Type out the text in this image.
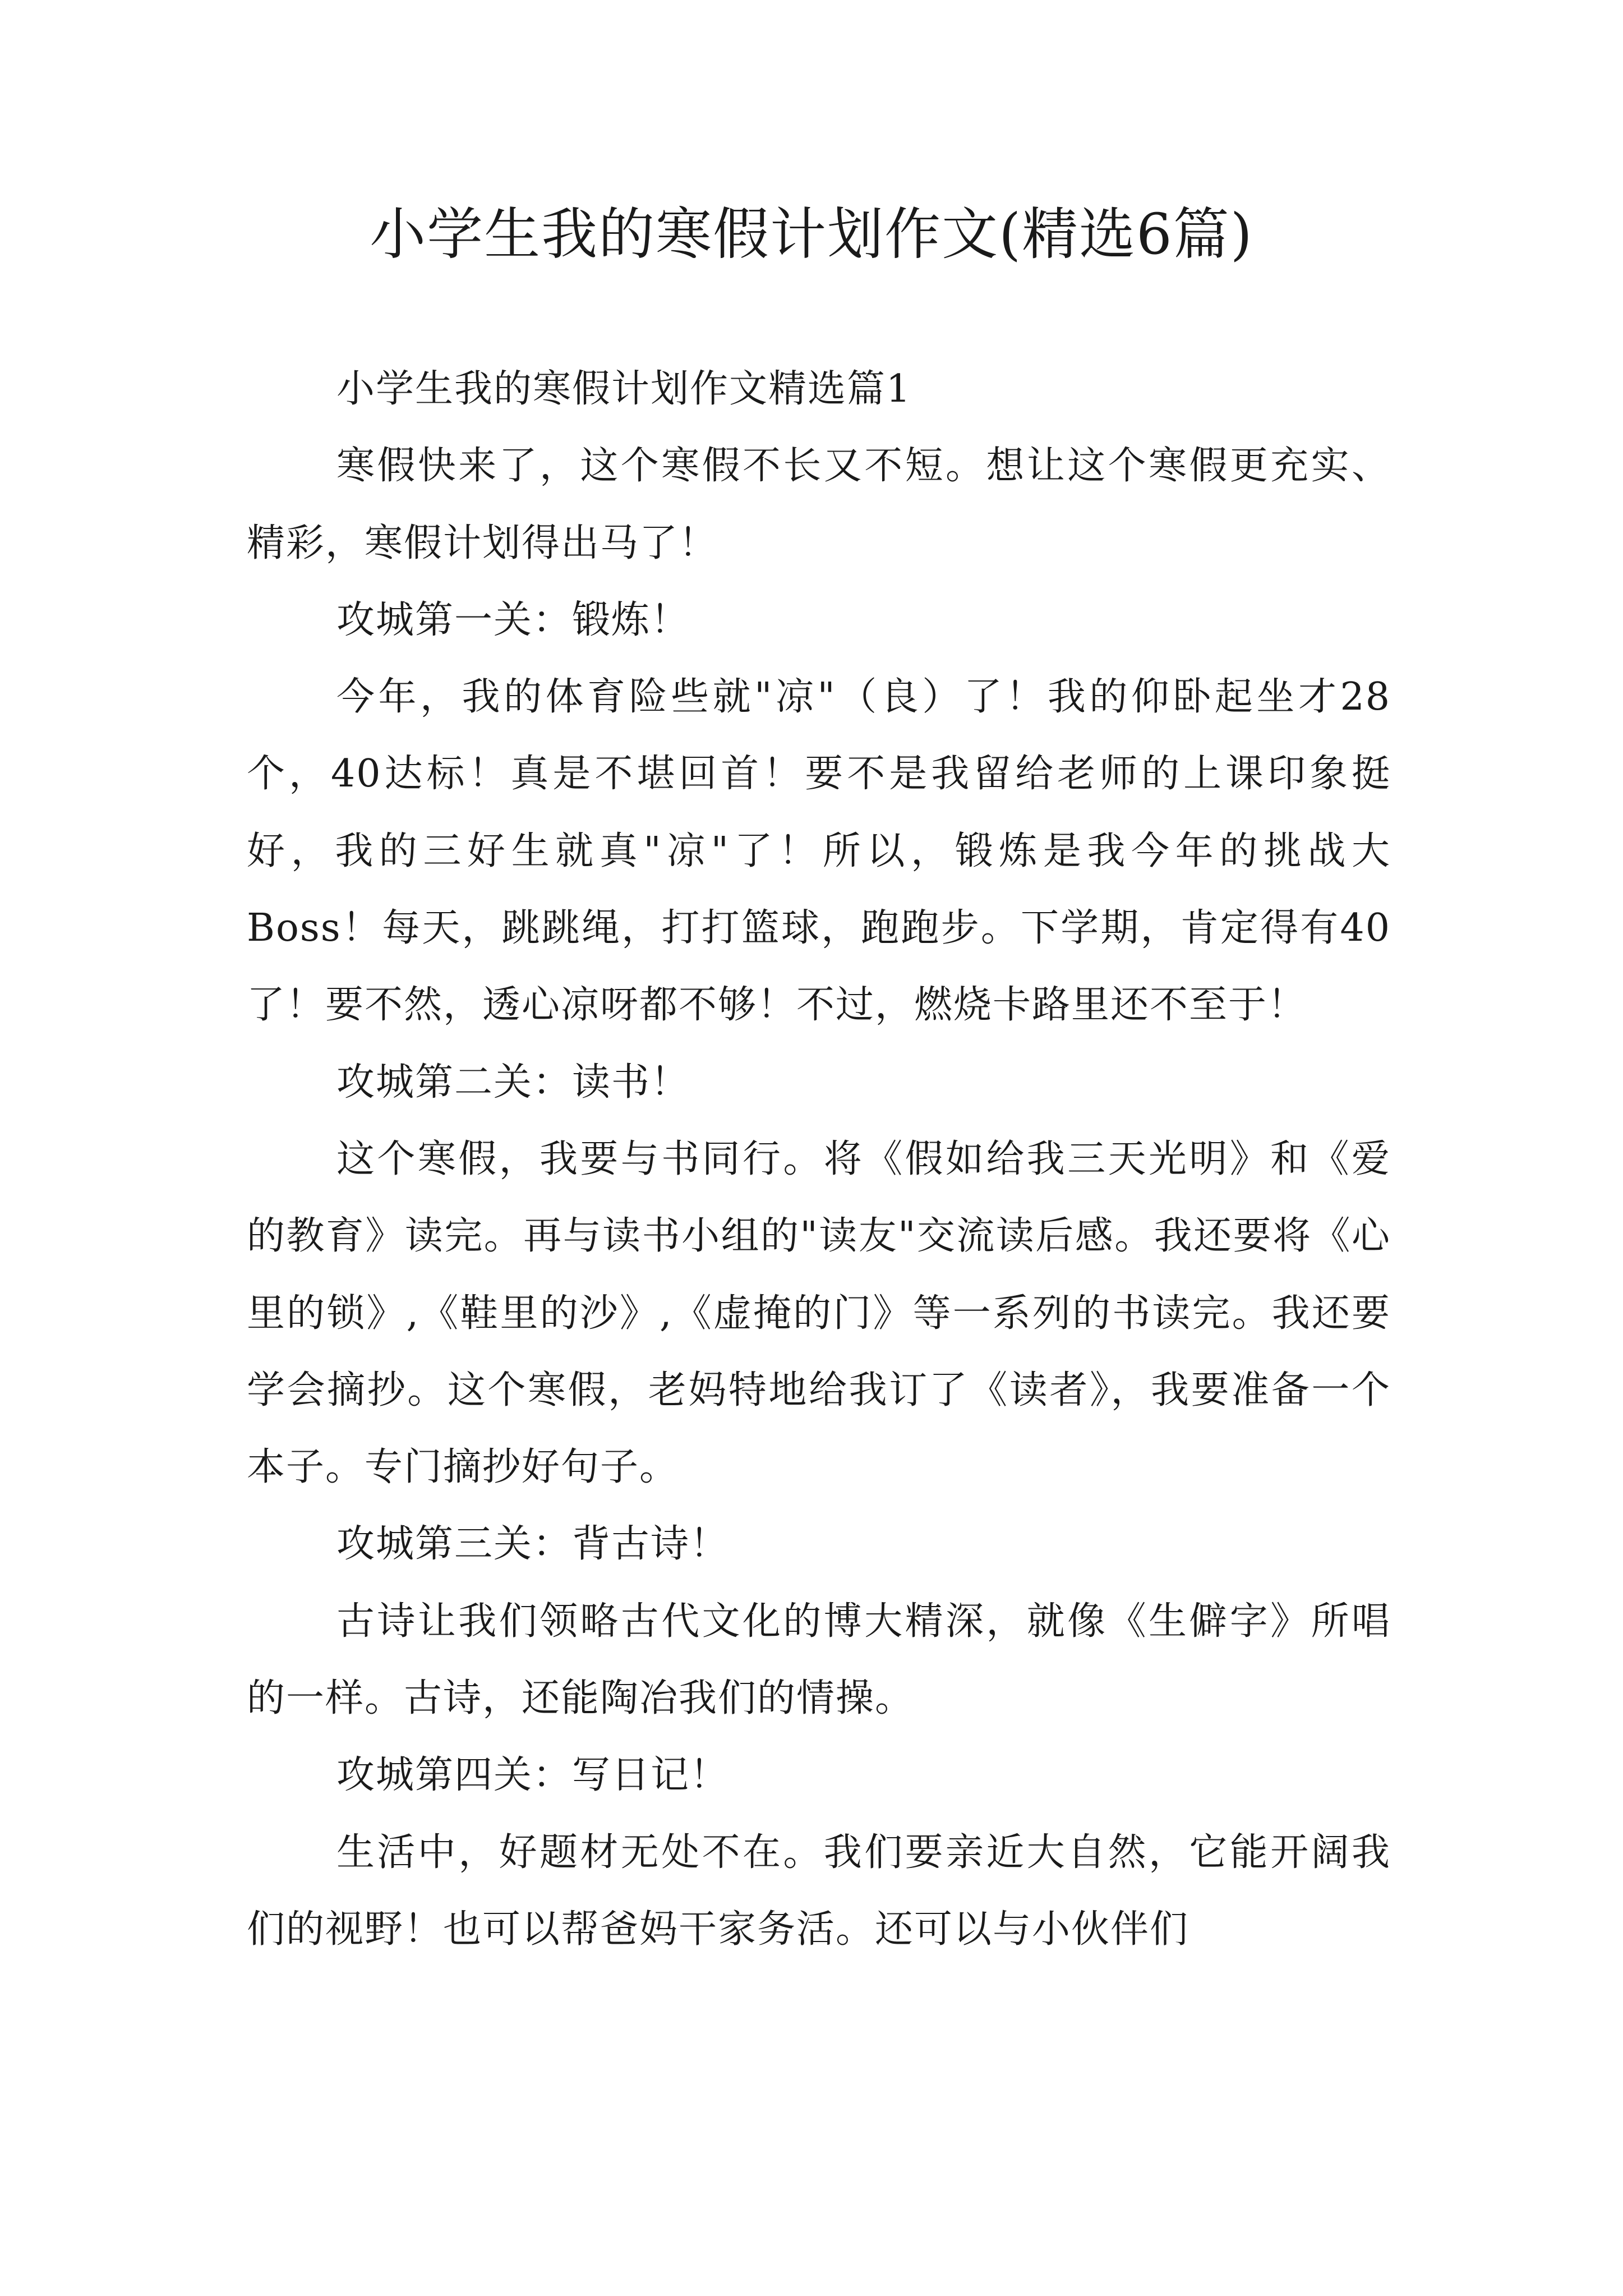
小学生我的寒假计划作文(精选6篇)

小学生我的寒假计划作文精选篇1

寒假快来了，这个寒假不长又不短。想让这个寒假更充实、精彩，寒假计划得出马了！

攻城第一关：锻炼！

今年，我的体育险些就"凉"（良）了！我的仰卧起坐才28个，40达标！真是不堪回首！要不是我留给老师的上课印象挺好，我的三好生就真"凉"了！所以，锻炼是我今年的挑战大Boss！每天，跳跳绳，打打篮球，跑跑步。下学期，肯定得有40了！要不然，透心凉呀都不够！不过，燃烧卡路里还不至于！

攻城第二关：读书！

这个寒假，我要与书同行。将《假如给我三天光明》和《爱的教育》读完。再与读书小组的"读友"交流读后感。我还要将《心里的锁》,《鞋里的沙》,《虚掩的门》等一系列的书读完。我还要学会摘抄。这个寒假，老妈特地给我订了《读者》，我要准备一个本子。专门摘抄好句子。

攻城第三关：背古诗！

古诗让我们领略古代文化的博大精深，就像《生僻字》所唱的一样。古诗，还能陶冶我们的情操。

攻城第四关：写日记！

生活中，好题材无处不在。我们要亲近大自然，它能开阔我们的视野！也可以帮爸妈干家务活。还可以与小伙伴们
